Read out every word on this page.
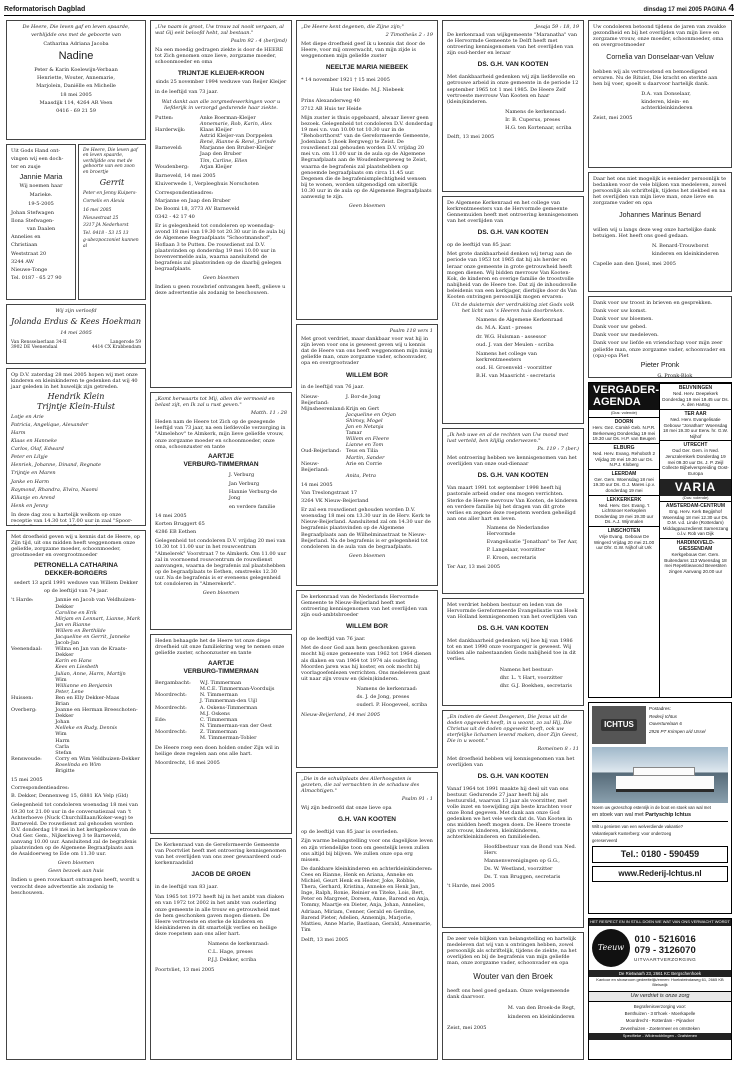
Reformatorisch Dagblad	dinsdag 17 mei 2005 PAGINA 4

De Heere, Die leven gaf en leven spaarde,

verblijdde ons met de geboorte van

Catharina Adriana Jacoba

Nadine

Peter & Karin Koelewijn-Verbaan

Henriette, Wouter, Annemarie,

Marjolein, Daniëlle en Michelle

18 mei 2005

Maasdijk 114, 4264 AR Veen

0416 - 69 21 59

Uit Gods Hand ont-

vingen wij een doch-

ter en zusje

Jannie Maria

Wij noemen haar

Marieke.

19-5-2005

Johan Stefwagen

Ilona Stefwagen-

van Daalen

Annelies en

Christiaan

Weststraat 20

3244 AW

Nieuwe-Tonge

Tel. 0187 - 65 27 90

De Heere, Die leven gaf en leven spaarde, verblijdde ons met de geboorte van een zoon en broertje

Gerrit

Peter en Jenny Kuipers-

Cornelis en Alexia

16 mei 2005

Nieuwstraat 25

3317 JA Nederhorst

Tel. 0418 - 53 15 13

g-ubezpoczoniet kunnen al

Wij zijn verloofd

Jolanda Erdus & Kees Hoekman

14 mei 2005

Van Rensselaerlaan 34-II	Langerode 59
3902 DE Veenendaal	4414 CX Krabbendam

Op D.V. zaterdag 28 mei 2005 hopen wij met onze kinderen en kleinkinderen te gedenken dat wij 40 jaar geleden in het huwelijk zijn getreden.

Hendrik Klein
Trijntje Klein-Hulst

Lotje en Arie

Patricia, Angelique, Alexander

Harm

Klaas en Hanneke

Carlos, Olaf, Edward

Peter en Lilyje

Henriek, Johanne, Dinand, Regnate

Trijntje en Maren

Janke en Harm

Raymond, Rhandra, Elvira, Naomi

Kilianje en Arend

Henk en Jenny

In deze dag zou u hartelijk welkom op onze receptie van 14.30 tot 17.00 uur in zaal "Spoor-

Met droefheid geven wij u kennis dat de Heere, op Zijn tijd, uit ons midden heeft weggenomen onze geliefde, zorgzame moeder, schoonmoeder, grootmoeder en overgrootmoeder

PETRONELLA CATHARINA
DEKKER-BORGERS

sedert 13 april 1991 weduwe van Willem Dekker

op de leeftijd van 74 jaar.

't Harde:	Jannie en Jacob van Veldhuizen-Dekker
Caroline en Erik
Mirjam en Lennart, Lianne, Mark
Jan en Rianne
Willem en Berthilde
Jacqueline en Gerrit, Janneke
Jacob-Jan
Veenendaal:	Wilma en Jan van de Kraats-Dekker
Karin en Hans
Kees en Liesbeth
Julian, Anne, Harm, Martijn
Wim
Willianne en Benjamin
Peter, Lene
Huissen:	Ben en Elly Dekker-Maas
Brian
Overberg:	Joanne en Herman Breeschoten-Dekker
Johan
Nelleke en Rudy, Dennis
Wim
Harm
Carla
Stefan
Renswoude:	Corry en Wim Veldhuizen-Dekker
Roselinda en Wim
Brigitte

15 mei 2005

Correspondentieadres:

B. Dekker, Dennenweg 15, 6881 KA Velp (Gld)

Gelegenheid tot condoleren woensdag 18 mei van 19.30 tot 21.00 uur in de conversatiezaal van 't Achterhoeve (Nuck Churchilllaan/Koker-weg) te Barneveld. De rouwdienst zal gehouden worden D.V. donderdag 19 mei in het kerkgebouw van de Oud Ger. Gem., Nijkerkweg 3 te Barneveld, aanvang 10.00 uur. Aansluitend zal de begrafenis plaatsvinden op de Algemene Begraafplaats aan de Asaldoerweg te Ede om 11.30 uur.

Geen bloemen

Geen bezoek aan huis

Indien u geen rouwkaart ontvangen heeft, wordt u verzocht deze advertentie als zodanig te beschouwen.

„Uw naam is groot, Uw trouw zal nooit vergaan, al wat Gij eeit beloofd hebt, zal bestaan."

Psalm 92 : 4 (berijmd)

Na een moedig gedragen ziekte is door de HEERE tot Zich genomen onze lieve, zorgzame moeder, schoonmoeder en oma

TRIJNTJE KLEIJER-KROON

sinds 25 november 1994 weduwe van Reijer Kleijer

in de leeftijd van 73 jaar.

Wat dankt aan alle zorgmedewerkingen voor u liefderijk in verzorgd gedurende haar ziekte.

Putten:	Anke Boerman-Kleijer
Annemarie, Rob, Karin, Alex
Harderwijk:	Klaas Kleijer
Astrid Kleijer-van Dorppelen
René, Rianne & René, Jorinde
Barneveld:	Marjanne den Bruber-Kleijer
Jaap den Bruber
Tim, Carline, Ellen
Woudenberg:	Arjan Kleijer

Barneveld, 14 mei 2005

Kluiverwede 1, Verpleeghuis Norschoten

Correspondentieadres:

Marjanne en Jaap den Bruber

De Boomi 18, 3773 AV Barneveld

0342 - 42 17 40

Er is gelegenheid tot condoleren op woensdag-avond 18 mei van 19.30 tot 20.30 uur in de aula bij de Algemene Begraafplaats "Schootmanshof", Hoflaan 3 te Putten. De rouwdienst zal D.V. plaatsvinden op donderdag 19 mei 10.00 uur in bovenvermelde aula, waarna aansluitend de begrafenis zal plaatsvinden op de daarbij gelegen begraafplaats.

Geen bloemen

Indien u geen rouwbrief ontvangen heeft, gelieve u deze advertentie als zodanig te beschouwen.

„Komt herwaarts tot Mij, allen die vermoeid en belast zijt, en Ik zal u rust geven."

Matth. 11 : 28

Heden nam de Heere tot Zich op de gezegende leeftijd van 73 jaar, na een liefdevolle verzorging in "Almelehov" te Almkerk, mijn lieve geliefde vrouw, onze zorgzame moeder en schoonmoeder, onze oma, schoonzuster en tante

AARTJE
VERBURG-TIMMERMAN

J. Verburg

Jan Verburg

Hannie Verburg-de Jong

en verdere familie

14 mei 2005

Korten Bruggert 65

4286 EB Eethen

Gelegenheid tot condoleren D.V. vrijdag 20 mei van 10.30 tot 11.00 uur in het rouwcentrum "Almelerek" Voorstraat 7 te Almkerk. Om 11.00 uur zal in voornoemd rouwcentrum de rouwdienst aanvangen, waarna de begrafenis zal plaatshebben op de begraafplaats te Eethen, omstreeks 12.30 uur. Na de begrafenis is er eveneens gelegenheid tot condoleren in "Almerekerk".

Geen bloemen

Heden behaagde het de Heere tot onze diepe droefheid uit onze familiekring weg te nemen onze geliefde zuster, schoonzuster en tante

AARTJE
VERBURG-TIMMERMAN
Bergambacht:	W.J. Timmerman
M.C.E. Timmerman-Voorduijs
Moordrecht:	N. Timmerman
J. Timmerman-den Uijl
Moordrecht:	A. Oskens-Timmerman
M.J. Oskens
Ede:	C. Timmerman
N. Timmerman-van der Oest
Moordrecht:	Z. Timmerman
M. Timmerman-Tobler

De Heere roep een doen holden onder Zijn wil in heilige deze regelen aan ons alle hart.

Moordrecht, 16 mei 2005

De Kerkenraad van de Gereformeerde Gemeente van Poortvliet heeft met ontroering kennisgenomen van het overlijden van ons zeer gewaardeerd oud-kerkenraadslid

JACOB DE GROEN

in de leeftijd van 83 jaar.

Van 1965 tot 1972 heeft hij in het ambt van diaken en van 1972 tot 2002 in het ambt van ouderling onze gemeente in alle trouw en getrouwheid met de hem geschonken gaven mogen dienen. De Heere vertroeste en sterke de kinderen en kleinkinderen in dit smartelijk verlies en heilige deze roepstem aan ons aller hart.

Namens de kerkenraad:

C.L. Hage, preses

P.J.J. Dekker, scriba

Poortvliet, 13 mei 2005

„De Heere kent degenen, die Zijne zijn;"

2 Timotheüs 2 : 19

Met diepe droefheid geef ik u kennis dat door de Heere, voor mij onverwacht, van mijn zijde is weggenomen mijn geliefde zuster

NEELTJE MARIA NIEBEEK

* 14 november 1921 † 15 mei 2005

Huis ter Heide: M.J. Niebeek

Prins Alexanderweg 40

3712 AB Huis ter Heide

Mijn zuster is thuis opgebaard, alwaar liever geen bezoek. Gelegenheid tot condoleren D.V. donderdag 19 mei v.n. van 10.00 tot 10.30 uur in de "Behoborthorst" van de Gereformeerde Gemeente, Jodenlaan 5 (hoek Bergweg) te Zeist. De rouwdienst zal gehouden worden D.V. vrijdag 20 mei v.n. om 11.00 uur in de aula op de Algemene Begraafplaats aan de Woudenbergseweg te Zeist, waarna de begrafenis zal plaatshebben op genoemde begraafplaats om circa 11.45 uur. Degenen die de begrafenismplechtigheid wensen bij te wonen, worden uitgenodigd om uiterlijk 10.30 uur in de aula op de Algemene Begraafplaats aanwezig te zijn.

Geen bloemen

Psalm 118 vers 1

Met groot verdriet, maar dankbaar voor wat hij in zijn leven voor ons is geweest geven wij u kennis dat de Heere van ons heeft weggenomen mijn innig geliefde man, onze zorgzame vader, schoonvader, opa en overgrootvader

WILLEM BOR

in de leeftijd van 76 jaar.

Nieuw-Beijerland:
J. Bor-de Jong
Mijnsheerenland: Krijn en Gert
Jacqueline en Orjan
Shimsy, Mogel
Jan en Netanja
Tamar
Willem en Fleere
Lianne en Tom
Oud-Beijerland: Teus en Tilia
Martin, Sander
Nieuw-Beijerland:
Arie en Corrie
Anita, Petra

14 mei 2005

Van Treslongstraat 17

3264 VK Nieuw-Beijerland

Er zal een rouwdienst gehouden worden D.V. woensdag 18 mei om 13.30 uur in de Herv. Kerk te Nieuw-Beijerland. Aansluitend zal om 14.30 uur de begrafenis plaatsvinden op de Algemene Begraafplaats aan de Wilhelminastraat te Nieuw-Beijerland. Na de begrafenis is er gelegenheid tot condoleren in de aula van de begraafplaats.

Geen bloemen

De kerkenraad van de Nederlands Hervormde Gemeente te Nieuw-Beijerland heeft met ontroering kennisgenomen van het overlijden van zijn oud-ambtsbroeder

WILLEM BOR

op de leeftijd van 76 jaar.

Met de door God aan hem geschonken gaven mocht hij onze gemeente van 1962 tot 1964 dienen als diaken en van 1964 tot 1974 als ouderling. Moorden jaren was hij koster, en ook mocht hij voorlagoefenlezen verrichten. Ons medeleven gaat uit naar zijn vrouw en (klein)kinderen.

Namens de kerkenraad:

ds. J. de Jong, preses

ouderl. P. Hoogeveel, scriba

Nieuw-Beijerland, 14 mei 2005

„Die in de schuilplaats des Allerhoogsten is gezeten, die zal vernachten in de schaduw des Almachtigen."

Psalm 91 : 1

Wij zijn bedroefd dat onze lieve opa

G.H. VAN KOOTEN

op de leeftijd van 85 jaar is overleden.

Zijn warme belangstelling voor ons dagelijkse leven en zijn vriendelijke toon om geestelijk leven zullen ons altijd bij blijven. We zullen onze opa erg missen.

De dankbare kleinkinderen en achterkleinkinderen: Cees en Rianne, Henk en Ariana, Anneke en Michiel, Geurt Henk en Hester, Joke, Robbie, Thera, Gerhard, Kristina, Anneke en Henk Jan, Inge, Ralph, Ronie, Reinier en Titeke, Lois, Bert, Peter en Margreet, Doreen, Anne, Barend en Anja, Tommy, Maartje en Dieter, Anja, Johan, Annelies, Adriaan, Miriam, Cenner, Gerald en Gerdine, Barend Pieter, Adelien, Annemijn, Marjorie, Mattieu, Anne Marie, Bastiaan, Gerald, Annemarie, Tim

Delft, 13 mei 2005

Jesaja 59 : 18, 19

De kerkenraad van wijkgemeente "Maranatha" van de Hervormde Gemeente te Delft heeft met ontroering kennisgenomen van het overlijden van zijn oud-herder en leraar

DS. G.H. VAN KOOTEN

Met dankbaarheid gedenken wij zijn liefdevolle en getrouwe arbeid in onze gemeente in de periode 12 september 1965 tot 1 mei 1985. De Heere Zelf vertroeste mevrouw Van Kooten en haar (klein)kinderen.

Namens de kerkenraad:

Ir. B. Cuperus, preses

H.G. ten Kortenaar, scriba

Delft, 13 mei 2005

De Algemene Kerkenraad en het college van kerkrentmeesters van de Hervormde gemeente Gennemuiden heeft met ontroering kennisgenomen van het overlijden van

DS. G.H. VAN KOOTEN

op de leeftijd van 85 jaar.

Met grote dankbaarheid denken wij terug aan de periode van 1953 tot 1965 dat hij als herder en leraar onze gemeente in grote getrouwheid heeft mogen dienen. Wij bidden mevrouw Van Kooten-Kok, de kinderen en overige familie de troostvolle nabijheid van de Heere toe. Dat zij de inhoudsvolle beleidenis van een kerkjager, dierbijke door ds Van Kooten ontvingen persoonlijk mogen ervaren:

Uit de duisternis der verdrukking ziet Gods volk het licht van 's Heeren huis doorbreken.

Namens de Algemene Kerkenraad

ds. M.A. Kant - preses

dr. W.G. Hulsman - assessor

oud. J. van der Meulen - scriba

Namens het college van kerkrentmeesters

oud. H. Groenveld - voorzitter

B.H. van Maasricht - secretaris

„Ik heb uwe en al de rechten van Uw mond met lust verteld, ben klijlig onderwezen."

Ps. 119 : 7 (ber.)

Met ontroering hebben we kennisgenomen van het overlijden van onze oud-dienaar

DS. G.H. VAN KOOTEN

Van maart 1991 tot september 1998 heeft hij pastorale arbeid onder ons mogen verrichten. Sterke de Heere mevrouw Van Kooten, de kinderen en verdere familie bij het dragen van dit grote verlies en zegene deze roepstem werden geheiligd aan ons aller hart en leven.

Namens de Nederlandse Hervormde

Evangelisatie "Jonathan" te Ter Aar,

P. Langelaar, voorzitter

F. Kroon, secretaris

Ter Aar, 13 mei 2005

Met verdriet hebben bestuur en leden van de Hervormde Gereformeerde Evangelisatie van Hoek van Holland kennisgenomen van het overlijden van

DS. G.H. VAN KOOTEN

Met dankbaarheid gedenken wij hoe hij van 1986 tot en met 1990 onze voorganger is geweest. Wij bidden alle nabestaanden Gods nabijheid toe in dit verlies.

Namens het bestuur:

dhr. L. 't Hart, voorzitter

dhr. G.J. Boekhen, secretaris

„En indien de Geest Desgenen, Die Jezus uit de doden opgewekt heeft, in u woont, zo zal Hij, Die Christus uit de doden opgewekt heeft, ook uw sterfelijke lichamen levend maken, door Zijn Geest, Die in u woont."

Romeinen 8 : 11

Met droefheid hebben wij kennisgenomen van het overlijden van

DS. G.H. VAN KOOTEN

Vanaf 1964 tot 1991 maakte hij deel uit van ons bestuur. Gedurende 27 jaar heeft hij als bestuurslid, waarvan 13 jaar als voorzitter, met volle inzet en toewijding zijn beste krachten voor onze Bond gegeven. Met dank aan onze God gedenken we het vele werk dat ds. Van Kooten in ons midden heeft mogen doen. De Heere troeste zijn vrouw, kinderen, kleinkinderen, achterkleinkinderen en familieleden.

Hoofdbestuur van de Bond van Ned. Herv.

Mannenverenigingen op G.G.,

Ds. W. Westland, voorzitter

Ds. T. van Bruggen, secretaris

't Harde, mei 2005

De zeer vele blijken van belangstelling en hartelijk medeleven dat wij van u ontvingen hebben, zowel persoonlijk als schriftelijk, tijdens de ziekte, na het overlijden en bij de begrafenis van mijn geliefde man, onze zorgzame vader, schoonvader en opa

Wouter van den Broek

heeft ons heel goed gedaan. Onze welgemeende dank daarvoor.

M. van den Broek-de Regt,

kinderen en kleinkinderen

Zeist, mei 2005

Uw condoleren betoond tijdens de jaren van zwakke gezondheid en bij het overlijden van mijn lieve en zorgzame vrouw, onze moeder, schoonmoeder, oma en overgrootmoeder

Cornelia van Donselaar-van Veluw

hebben wij als vertroostend en bemoedigend ervaren. Nu de Rituist, Die kracht en sterkte aan hen bij voer, spoelt u daarvoor hartelijk dank.

D.A. van Donselaar,

kinderen, klein- en achterkleinkinderen

Zeist, mei 2005

Daar het ons niet mogelijk is eenieder persoonlijk te bedanken voor de vele blijken van medeleven, zowel persoonlijk als schriftelijk, tijdens het ziekbed en na het overlijden van mijn lieve man, onze lieve en zorgzame vader en opa

Johannes Marinus Benard

willen wij u langs deze weg onze hartelijke dank betuigen. Het heeft ons goed gedaan.

N. Benard-Trouwborst

kinderen en kleinkinderen

Capelle aan den IJssel, mei 2005

Dank voor uw troost in brieven en gesprekken.

Dank voor uw komst.

Dank voor uw bloemen.

Dank voor uw gebed.

Dank voor uw medeleven.

Dank voor uw liefde en vriendschap voor mijn zeer geliefde man, onze zorgzame vader, schoonvader en (opa)-opa Piet

Pieter Pronk

G. Pronk-Blok

VERGADER-
AGENDA
(Dus: volende)
DOORN
Herv. Gez. Comité Geb. N.P.R. Berkenweg Donderdag 19 mei 19.30 uur Ds. H.P. van Beugen
ELBURG
Ned. Herv. Evang. Rehoboth 2 Vrijdag 20 mei 19.30 uur Ds. N.P.J. Kloberg
LEERDAM
Ger. Gem. Woensdag 18 mei 19.30 uur Ds. G.J. Mares i.p.v. donderdag 19 mei
LEKKERKERK
Ned. Herv. Ger. Evang. 't Lichtsnoer Kerkeplein Donderdag 19 mei 19.30 uur Ds. A.J. Wijnmalen
LINSCHOTEN
Vrije Evang. Gebouw De Wingerd Vrijdag 20 mei 21.00 uur Dhr. G.W. Nijhof uit Urk
BEUVNINGEN
Ned. Herv. Deepekerk Donderdag 19 mei 19.45 uur Ds. A. den Hartog
TER AAR
Ned. Herv. Evangelisatie Gebouw "Jonathan" Woensdag 18 mei 19.30 uur Eerw. hr. G.W. Nijhof
UTRECHT
Oud Ger. Gem. in Ned. Jeruzalemkerk Donderdag 19 mei 09.30 uur Ds. J. P. Zeijl Collecte Bijbelverspreiding Oost-Europa
VARIA
(Dus: volende)
AMSTERDAM-CENTRUM
Eng. Herv. Kerk Begijnhof Woensdag 18 mei 12.30 uur Ds. D.M. v.d. Linde (Rotterdam) Middagpauzedienst Samenzang o.l.v. Rob van Dijk
HARDINXVELD-GIESSENDAM
Kerkgebouw Ger. Gem. Buitendams 113 Woensdag 18 mei Repetitieavond Bevestiten zingen Aanvang 20.00 uur
ICHTUS

Postadres:

Rederij Ichtus

Ouverturelaan 6

2926 PT Krimpen a/d IJssel

Noem uw gezeschop estenrijk in de boot en stoek van wal met

en stoek van wal met Partyschip Ichtus

Wilt u genieten van een welverdiende vakantie?

Vakantiepark Kusterberg: voor onderzoeg

gereserveerd

Tel.: 0180 - 590459
www.Rederij-Ichtus.nl
HET RESPECT EN IN STILL DOEN WE WAT VAN ONS VERWACHT WORDT
Teeuw
010 - 5216016
079 - 3126070
UITVAARTVERZORGING
De Rietwaarh 23, 2661 KC Bergschenhoek

Kantoor en showroom gedeeltelijk/ennen: Hoeksteindaweg 61, 2665 KB Bleiswijk

Uw verdriet is onze zorg

Begrafenisverzorging voor:

Benthuizen - 3 B'hoek - Moerkapelle

Moordrecht - Rotterdam - Pijnacker

Zevenhuizen - Zoetermeer en omstreken

Specifieke - Wildenckhlingen - Grafstenen
